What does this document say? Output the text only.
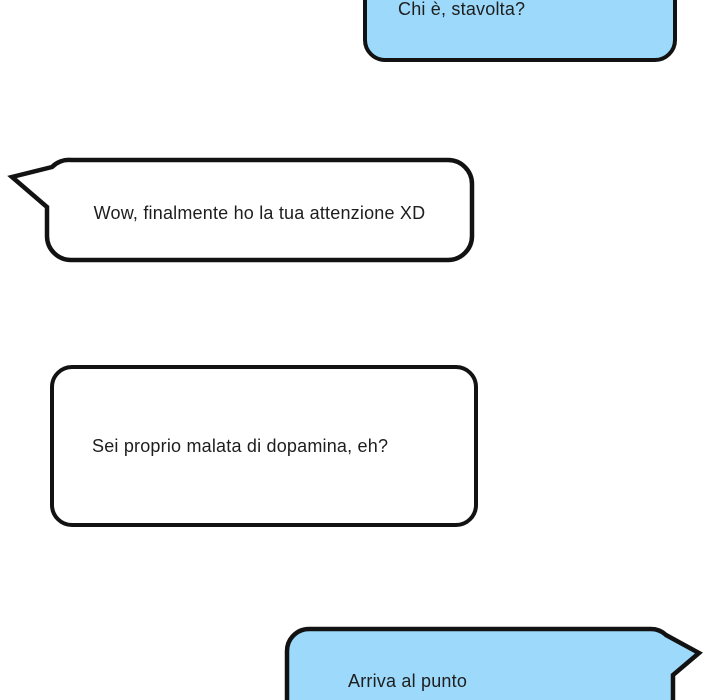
Chi è, stavolta?
Wow, finalmente ho la tua attenzione XD
Sei proprio malata di dopamina, eh?
Arriva al punto
